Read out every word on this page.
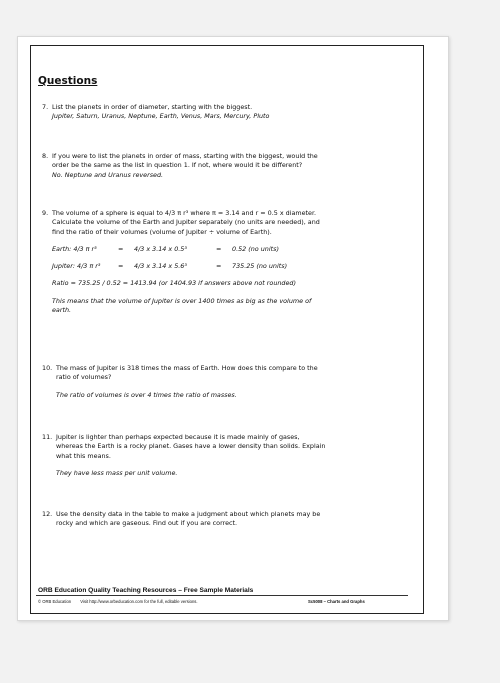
Questions
7. List the planets in order of diameter, starting with the biggest.
Jupiter, Saturn, Uranus, Neptune, Earth, Venus, Mars, Mercury, Pluto
8. If you were to list the planets in order of mass, starting with the biggest, would the
order be the same as the list in question 1. If not, where would it be different?
No. Neptune and Uranus reversed.
9. The volume of a sphere is equal to 4/3 π r³ where π = 3.14 and r = 0.5 x diameter.
Calculate the volume of the Earth and Jupiter separately (no units are needed), and
find the ratio of their volumes (volume of Jupiter ÷ volume of Earth).
Earth: 4/3 π r³	=	4/3 x 3.14 x 0.5³	=	0.52 (no units)
Jupiter: 4/3 π r³	=	4/3 x 3.14 x 5.6³	=	735.25 (no units)
Ratio = 735.25 / 0.52 = 1413.94 (or 1404.93 if answers above not rounded)
This means that the volume of Jupiter is over 1400 times as big as the volume of
earth.
10. The mass of Jupiter is 318 times the mass of Earth. How does this compare to the
ratio of volumes?
The ratio of volumes is over 4 times the ratio of masses.
11. Jupiter is lighter than perhaps expected because it is made mainly of gases,
whereas the Earth is a rocky planet. Gases have a lower density than solids. Explain
what this means.
They have less mass per unit volume.
12. Use the density data in the table to make a judgment about which planets may be
rocky and which are gaseous. Find out if you are correct.
ORB Education Quality Teaching Resources – Free Sample Materials
© ORB Education Visit http://www.orbeducation.com for the full, editable versions.	Sc5008 – Charts and Graphs
